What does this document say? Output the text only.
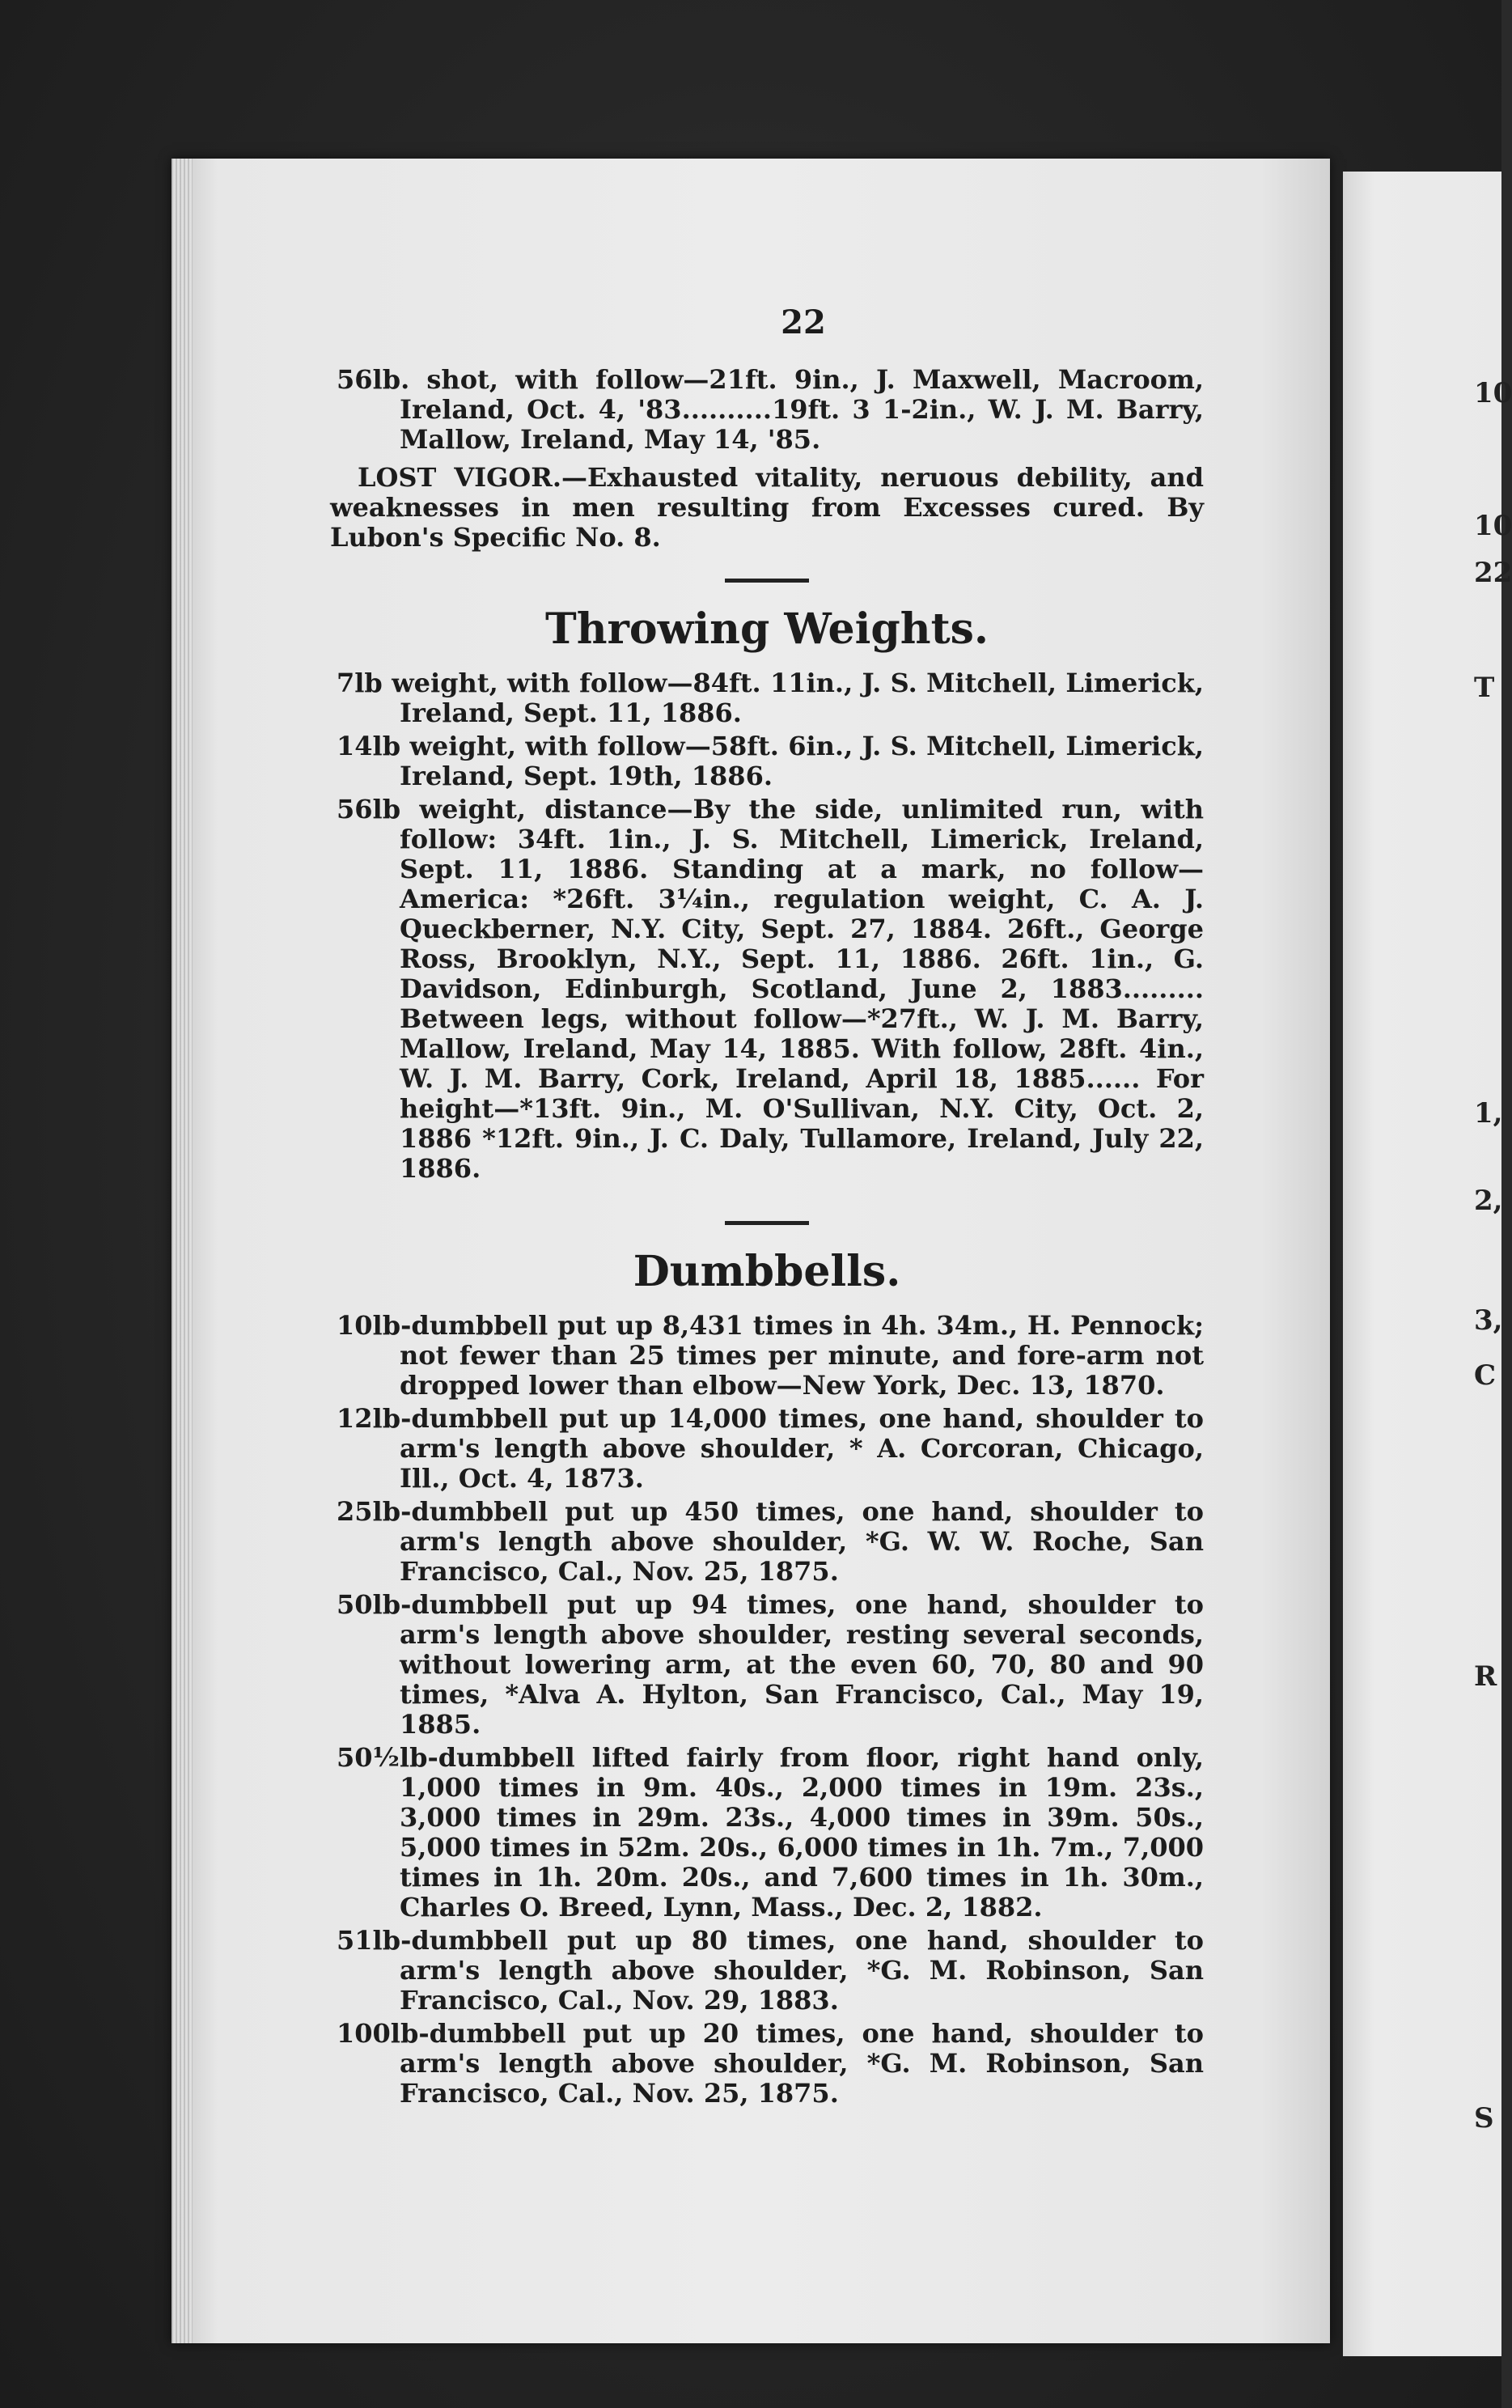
10
10
22
T
1,
2,
3,
C
R
S
22

56lb. shot, with follow—21ft. 9in., J. Maxwell, Macroom, Ireland, Oct. 4, '83..........19ft. 3 1-2in., W. J. M. Barry, Mallow, Ireland, May 14, '85.

LOST VIGOR.—Exhausted vitality, neruous debility, and weaknesses in men resulting from Excesses cured. By Lubon's Specific No. 8.

Throwing Weights.

7lb weight, with follow—84ft. 11in., J. S. Mitchell, Limerick, Ireland, Sept. 11, 1886.

14lb weight, with follow—58ft. 6in., J. S. Mitchell, Limerick, Ireland, Sept. 19th, 1886.

56lb weight, distance—By the side, unlimited run, with follow: 34ft. 1in., J. S. Mitchell, Limerick, Ireland, Sept. 11, 1886. Standing at a mark, no follow—America: *26ft. 3¼in., regulation weight, C. A. J. Queckberner, N.Y. City, Sept. 27, 1884. 26ft., George Ross, Brooklyn, N.Y., Sept. 11, 1886. 26ft. 1in., G. Davidson, Edinburgh, Scotland, June 2, 1883......... Between legs, without follow—*27ft., W. J. M. Barry, Mallow, Ireland, May 14, 1885. With follow, 28ft. 4in., W. J. M. Barry, Cork, Ireland, April 18, 1885...... For height—*13ft. 9in., M. O'Sullivan, N.Y. City, Oct. 2, 1886 *12ft. 9in., J. C. Daly, Tullamore, Ireland, July 22, 1886.

Dumbbells.

10lb-dumbbell put up 8,431 times in 4h. 34m., H. Pennock; not fewer than 25 times per minute, and fore-arm not dropped lower than elbow—New York, Dec. 13, 1870.

12lb-dumbbell put up 14,000 times, one hand, shoulder to arm's length above shoulder, * A. Corcoran, Chicago, Ill., Oct. 4, 1873.

25lb-dumbbell put up 450 times, one hand, shoulder to arm's length above shoulder, *G. W. W. Roche, San Francisco, Cal., Nov. 25, 1875.

50lb-dumbbell put up 94 times, one hand, shoulder to arm's length above shoulder, resting several seconds, without lowering arm, at the even 60, 70, 80 and 90 times, *Alva A. Hylton, San Francisco, Cal., May 19, 1885.

50½lb-dumbbell lifted fairly from floor, right hand only, 1,000 times in 9m. 40s., 2,000 times in 19m. 23s., 3,000 times in 29m. 23s., 4,000 times in 39m. 50s., 5,000 times in 52m. 20s., 6,000 times in 1h. 7m., 7,000 times in 1h. 20m. 20s., and 7,600 times in 1h. 30m., Charles O. Breed, Lynn, Mass., Dec. 2, 1882.

51lb-dumbbell put up 80 times, one hand, shoulder to arm's length above shoulder, *G. M. Robinson, San Francisco, Cal., Nov. 29, 1883.

100lb-dumbbell put up 20 times, one hand, shoulder to arm's length above shoulder, *G. M. Robinson, San Francisco, Cal., Nov. 25, 1875.
